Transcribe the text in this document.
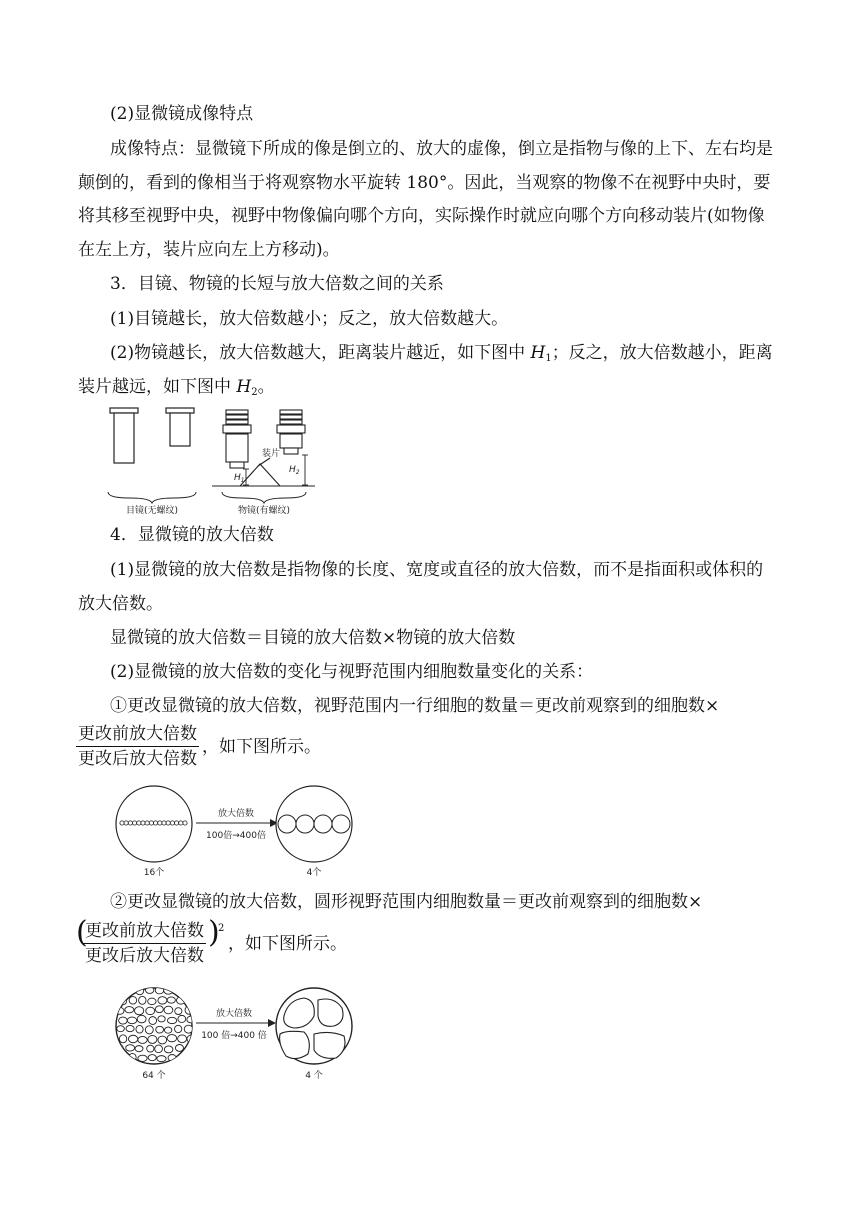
(2)显微镜成像特点
成像特点：显微镜下所成的像是倒立的、放大的虚像，倒立是指物与像的上下、左右均是
颠倒的，看到的像相当于将观察物水平旋转 180°。因此，当观察的物像不在视野中央时，要
将其移至视野中央，视野中物像偏向哪个方向，实际操作时就应向哪个方向移动装片(如物像
在左上方，装片应向左上方移动)。
3．目镜、物镜的长短与放大倍数之间的关系
(1)目镜越长，放大倍数越小；反之，放大倍数越大。
(2)物镜越长，放大倍数越大，距离装片越近，如下图中 $H_1$；反之，放大倍数越小，距离
装片越远，如下图中 $H_2$。
装片
$H_1$
$H_2$
目镜(无螺纹)	物镜(有螺纹)
4．显微镜的放大倍数
(1)显微镜的放大倍数是指物像的长度、宽度或直径的放大倍数，而不是指面积或体积的
放大倍数。
显微镜的放大倍数＝目镜的放大倍数×物镜的放大倍数
(2)显微镜的放大倍数的变化与视野范围内细胞数量变化的关系：
①更改显微镜的放大倍数，视野范围内一行细胞的数量＝更改前观察到的细胞数×
更改前放大倍数
更改后放大倍数
，如下图所示。
放大倍数
100倍→400倍
16个	4个
②更改显微镜的放大倍数，圆形视野范围内细胞数量＝更改前观察到的细胞数×
(
更改前放大倍数
更改后放大倍数
)
2
，如下图所示。
放大倍数
100 倍→400 倍
64 个	4 个
